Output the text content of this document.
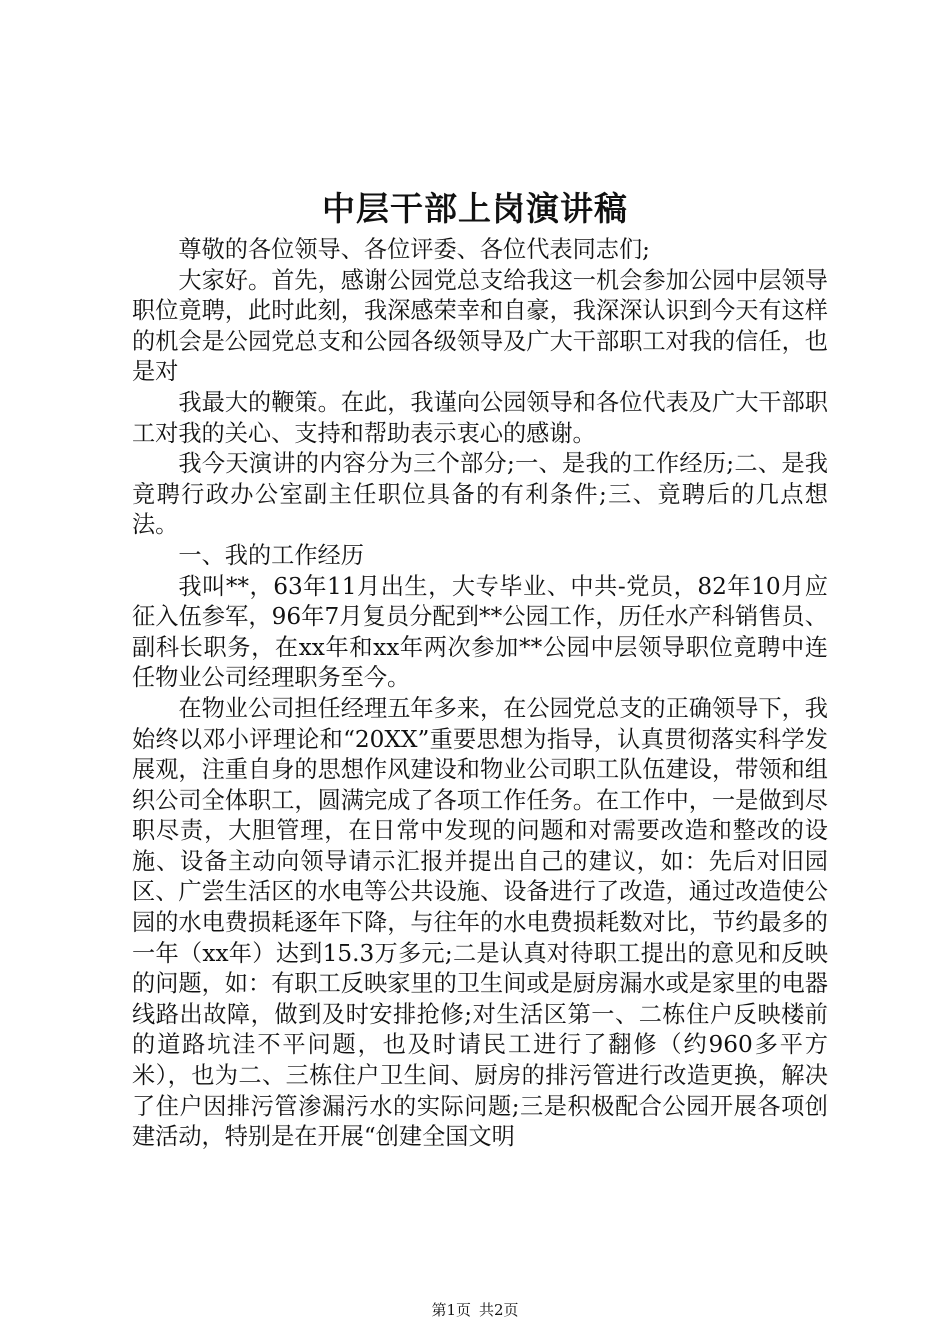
中层干部上岗演讲稿

尊敬的各位领导、各位评委、各位代表同志们;

大家好。首先，感谢公园党总支给我这一机会参加公园中层领导职位竟聘，此时此刻，我深感荣幸和自豪，我深深认识到今天有这样的机会是公园党总支和公园各级领导及广大干部职工对我的信任，也是对

我最大的鞭策。在此，我谨向公园领导和各位代表及广大干部职工对我的关心、支持和帮助表示衷心的感谢。

我今天演讲的内容分为三个部分;一、是我的工作经历;二、是我竟聘行政办公室副主任职位具备的有利条件;三、竟聘后的几点想法。

一、我的工作经历

我叫**，63年11月出生，大专毕业、中共-党员，82年10月应征入伍参军，96年7月复员分配到**公园工作，历任水产科销售员、副科长职务，在xx年和xx年两次参加**公园中层领导职位竟聘中连任物业公司经理职务至今。

在物业公司担任经理五年多来，在公园党总支的正确领导下，我始终以邓小评理论和“20XX”重要思想为指导，认真贯彻落实科学发展观，注重自身的思想作风建设和物业公司职工队伍建设，带领和组织公司全体职工，圆满完成了各项工作任务。在工作中，一是做到尽职尽责，大胆管理，在日常中发现的问题和对需要改造和整改的设施、设备主动向领导请示汇报并提出自己的建议，如：先后对旧园区、广尝生活区的水电等公共设施、设备进行了改造，通过改造使公园的水电费损耗逐年下降，与往年的水电费损耗数对比，节约最多的一年（xx年）达到15.3万多元;二是认真对待职工提出的意见和反映的问题，如：有职工反映家里的卫生间或是厨房漏水或是家里的电器线路出故障，做到及时安排抢修;对生活区第一、二栋住户反映楼前的道路坑洼不平问题，也及时请民工进行了翻修（约960多平方米），也为二、三栋住户卫生间、厨房的排污管进行改造更换，解决了住户因排污管渗漏污水的实际问题;三是积极配合公园开展各项创建活动，特别是在开展“创建全国文明

第1页 共2页
